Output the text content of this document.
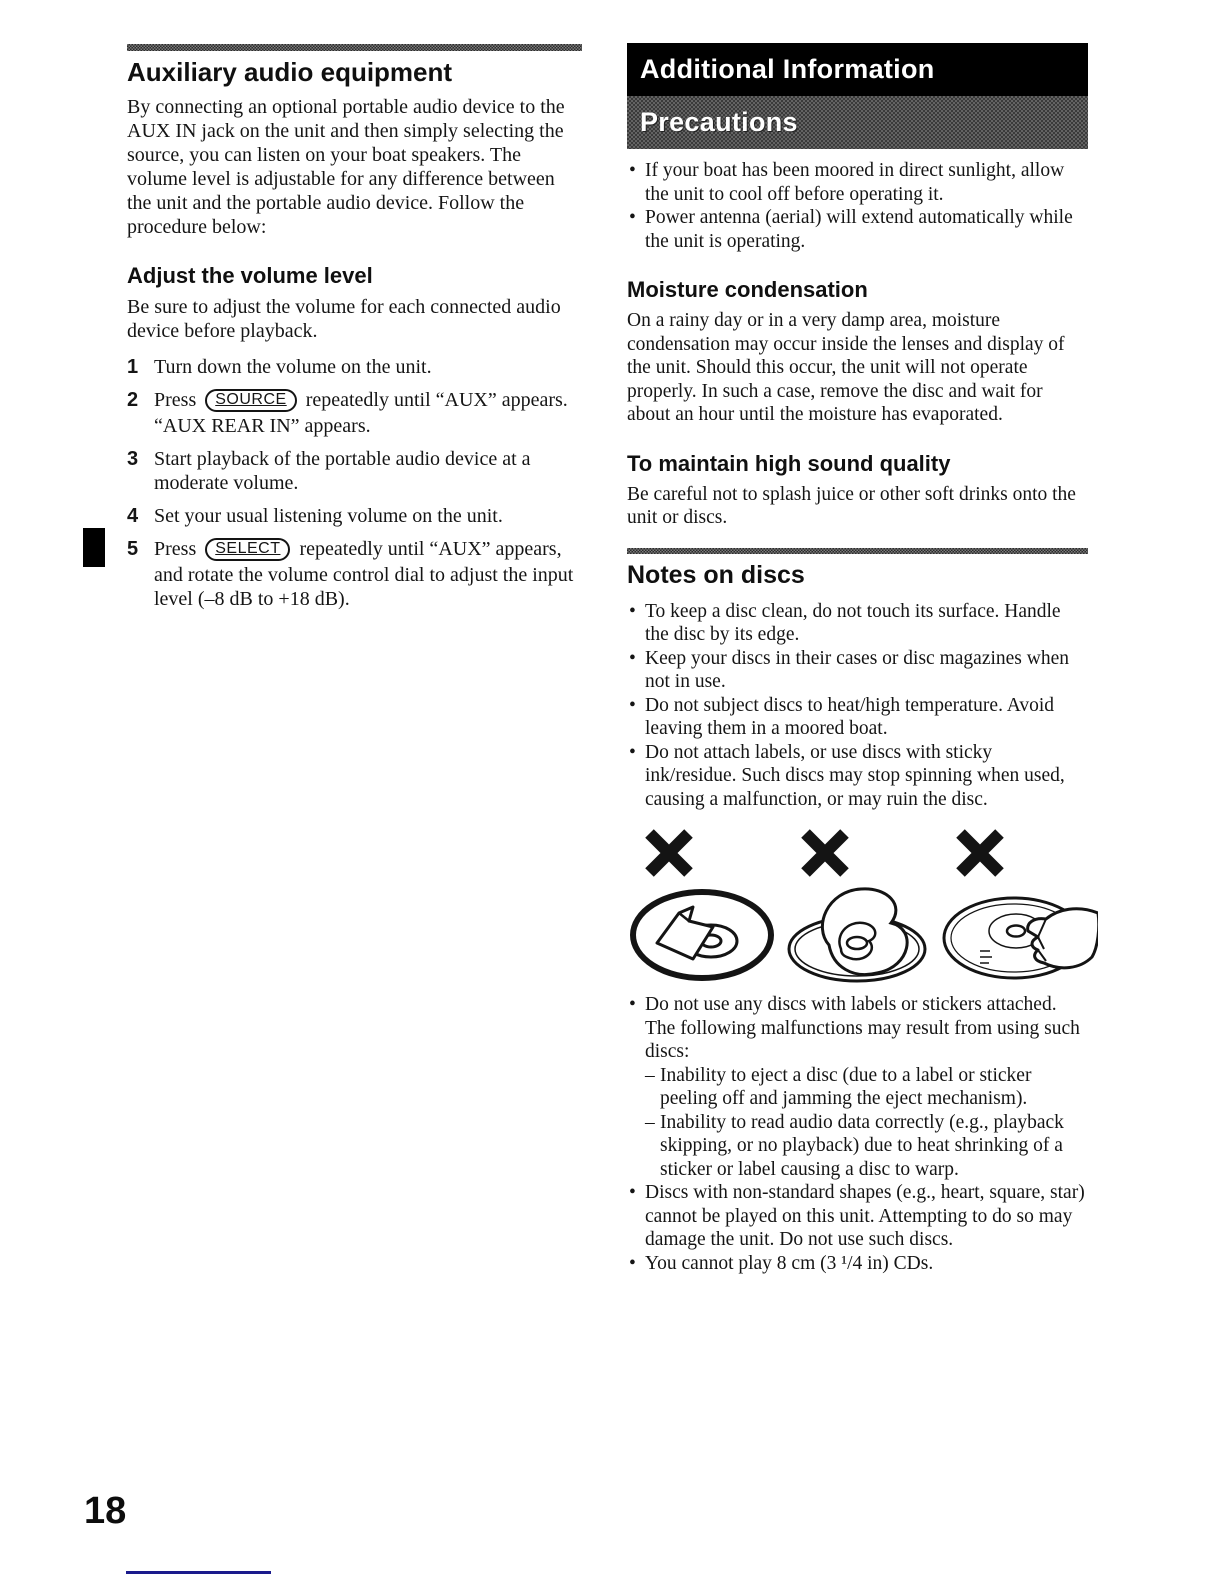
Auxiliary audio equipment

By connecting an optional portable audio device to the AUX IN jack on the unit and then simply selecting the source, you can listen on your boat speakers. The volume level is adjustable for any difference between the unit and the portable audio device. Follow the procedure below:

Adjust the volume level

Be sure to adjust the volume for each connected audio device before playback.

1 Turn down the volume on the unit.
2 Press SOURCE repeatedly until “AUX” appears.
“AUX REAR IN” appears.
3 Start playback of the portable audio device at a moderate volume.
4 Set your usual listening volume on the unit.
5 Press SELECT repeatedly until “AUX” appears, and rotate the volume control dial to adjust the input level (–8 dB to +18 dB).
Additional Information
Precautions
• If your boat has been moored in direct sunlight, allow the unit to cool off before operating it.
• Power antenna (aerial) will extend automatically while the unit is operating.
Moisture condensation

On a rainy day or in a very damp area, moisture condensation may occur inside the lenses and display of the unit. Should this occur, the unit will not operate properly. In such a case, remove the disc and wait for about an hour until the moisture has evaporated.

To maintain high sound quality

Be careful not to splash juice or other soft drinks onto the unit or discs.

Notes on discs
• To keep a disc clean, do not touch its surface. Handle the disc by its edge.
• Keep your discs in their cases or disc magazines when not in use.
• Do not subject discs to heat/high temperature. Avoid leaving them in a moored boat.
• Do not attach labels, or use discs with sticky ink/residue. Such discs may stop spinning when used, causing a malfunction, or may ruin the disc.
• Do not use any discs with labels or stickers attached.
The following malfunctions may result from using such discs:
– Inability to eject a disc (due to a label or sticker peeling off and jamming the eject mechanism).
– Inability to read audio data correctly (e.g., playback skipping, or no playback) due to heat shrinking of a sticker or label causing a disc to warp.
• Discs with non-standard shapes (e.g., heart, square, star) cannot be played on this unit. Attempting to do so may damage the unit. Do not use such discs.
• You cannot play 8 cm (3 ¹/4 in) CDs.
18
